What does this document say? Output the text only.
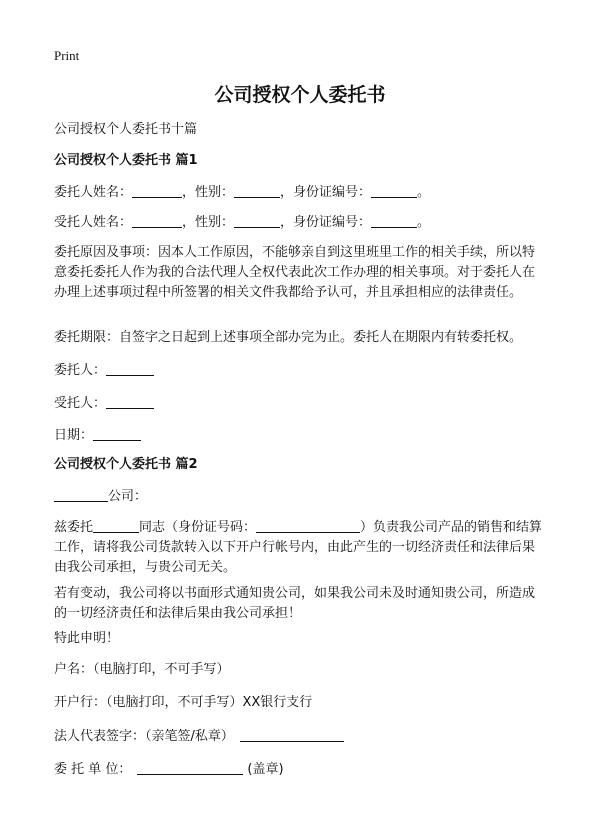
Print
公司授权个人委托书
公司授权个人委托书十篇
公司授权个人委托书 篇1
委托人姓名：	，性别：	，身份证编号：	。
受托人姓名：	，性别：	，身份证编号：	。
委托原因及事项：因本人工作原因，不能够亲自到这里班里工作的相关手续，所以特意委托委托人作为我的合法代理人全权代表此次工作办理的相关事项。对于委托人在办理上述事项过程中所签署的相关文件我都给予认可，并且承担相应的法律责任。
委托期限：自签字之日起到上述事项全部办完为止。委托人在期限内有转委托权。
委托人：
受托人：
日期：
公司授权个人委托书 篇2
公司：
兹委托	同志（身份证号码：	）负责我公司产品的销售和结算工作，请将我公司货款转入以下开户行帐号内，由此产生的一切经济责任和法律后果由我公司承担，与贵公司无关。
若有变动，我公司将以书面形式通知贵公司，如果我公司未及时通知贵公司，所造成的一切经济责任和法律后果由我公司承担！
特此申明！
户名：（电脑打印，不可手写）
开户行：（电脑打印，不可手写）XX银行支行
法人代表签字：（亲笔签/私章）
委 托 单 位：	(盖章)
